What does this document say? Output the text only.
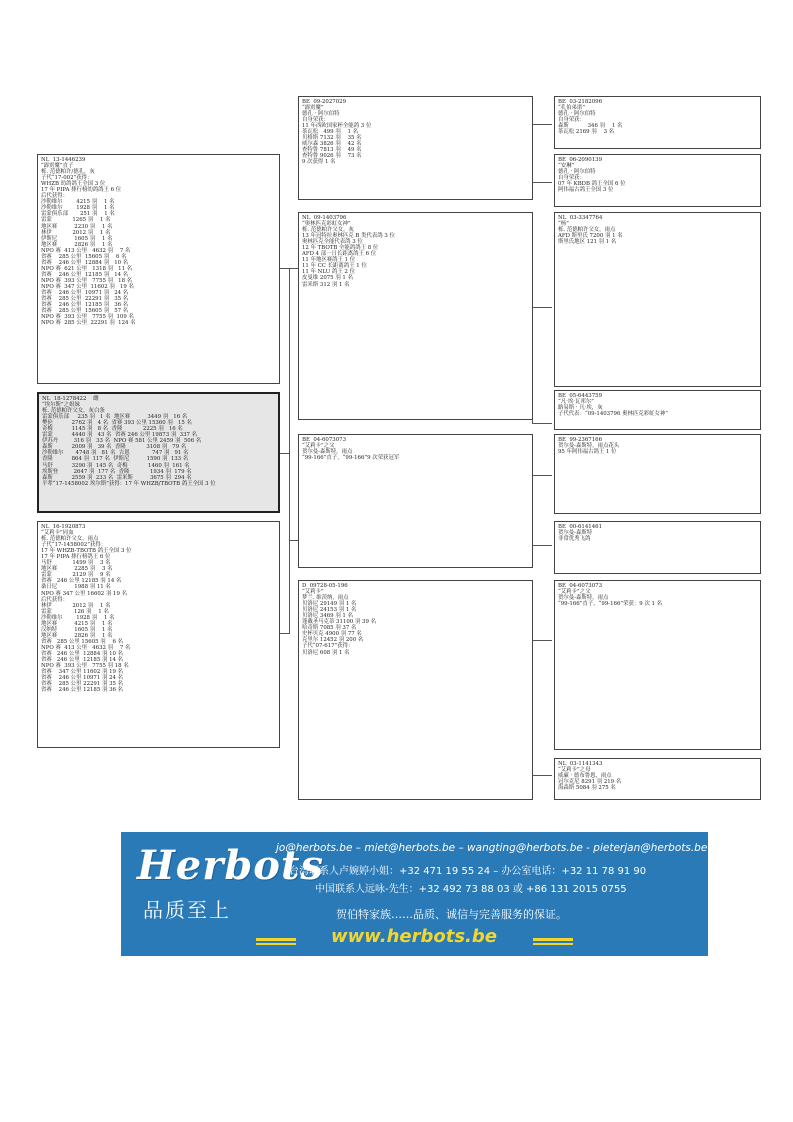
NL  13-1446239
“霹雳魔”直子
栎. 范德帕许/德孔，灰
子代“17-002”获得：
WHZB 幼鸽鸽王全国 3 位
17 年 PIPA 排行榜幼鸽鸽王 6 位
后代获得：
沙勒维尔        4215 羽    1 名
沙勒维尔        1928 羽    1 名
雷蒙俱乐部       251 羽    1 名
雷蒙            1265 羽    1 名
地区赛          2230 羽    1 名
林伊            2012 羽    1 名
伊斯尼          1605 羽    1 名
地区赛          2826 羽    1 名
NPO 赛  413 公里   4632 羽    7 名
省赛    285 公里  15605 羽    6 名
省赛    246 公里  12884 羽   10 名
NPO 赛  621 公里   1318 羽   11 名
省赛    246 公里  12185 羽   14 名
NPO 赛  393 公里   7755 羽   18 名
NPO 赛  347 公里  11602 羽   19 名
省赛    246 公里  10971 羽   24 名
省赛    285 公里  22291 羽   35 名
省赛    246 公里  12185 羽   36 名
省赛    285 公里  15605 羽   57 名
NPO 赛  393 公里   7755 羽  109 名
NPO 赛  285 公里  22291 羽  124 名
NL  18-1278422    雌
“埃尔斯”之姐妹
栎. 范德帕许父女，灰白条
雷蒙俱乐部     235 羽   1 名  地区赛          3449 羽   16 名
樊伦           2762 羽   4 名  省赛 393 公里 15360 羽   15 名
奇梅           1145 羽   8 名  香隆            2225 羽   16 名
雷蒙           4440 羽   43 名  省赛 246 公里 19873 羽  337 名
伊苏丹         316 羽   33 名  NPO 赛 581 公里 2459 羽  506 名
森斯           2009 羽   39 名  香隆            3108 羽   79 名
沙勒维尔       4748 羽   81 名  吉恩             747 羽   91 名
香隆           864 羽  117 名  伊斯尼          1590 羽  133 名
马舒           3290 羽  145 名  奇梅            1460 羽  161 名
埃斯登         2647 羽  177 名  香隆            1934 羽  179 名
森斯           2559 羽  233 名  雷米斯          3675 羽  294 名
平辈“17-1458002 埃尔斯”获得：17 年 WHZB/TBOTB 鸽王全国 3 位
NL  16-1920873
“艾莉卡”同血
栎. 范德帕许父女，雨点
子代“17-1458002”获得：
17 年 WHZB-TBOTB 鸽王全国 3 位
17 年 PIPA 排行榜鸽王 6 位
马舒            1499 羽    3 名
地区赛          2285 羽    3 名
雷蒙            2129 羽    9 名
省赛   246 公里 12185 羽 14 名
桑日尼          1988 羽 11 名
NPO 赛 347 公里 16602 羽 19 名
后代获得：
林伊            2012 羽    1 名
雷蒙             126 羽    1 名
沙勒维尔        1928 羽    1 名
地区赛          4215 羽    1 名
汉纳特          1605 羽    1 名
地区赛          2826 羽    1 名
省赛   285 公里 15605 羽    6 名
NPO 赛  413 公里   4632 羽    7 名
省赛   246 公里  12884 羽 10 名
省赛   246 公里  12185 羽 14 名
NPO 赛  393 公里   7755 羽 18 名
省赛    347 公里 11602 羽 19 名
省赛    246 公里 10971 羽 24 名
省赛    285 公里 22291 羽 35 名
省赛    246 公里 12185 羽 36 名
BE  09-2027029
“霹雳魔”
德孔 · 阿尔伯特
自身荣获：
11 年西欧国家杯全能鸽 3 位
茶瓦松   499 羽    1 名
贝格斯 7132 羽    35 名
威尔森 3826 羽    42 名
查特鲁 7813 羽    49 名
查特鲁 9026 羽    73 名
9 次获得 1 名
NL  09-1403796
“奥林匹克彩虹女神”
栎. 范德帕许父女，灰
13 年冠特拉奥林匹克 B 类代表鸽 3 位
奥林匹克全能代表鸽 3 位
12 年 TBOTB 全能鸽鸽王 8 位
AFD 4 部一日长距离鸽王 6 位
11 年地区赛鸽王 1 位
11 年 CC 长距离鸽王 1 位
11 年 NLU 鸽王 2 位
皮曼维 2075 羽 1 名
雷米斯 312 羽 1 名
BE  04-6073073
“艾莉卡”之父
贺尔曼-森斯特，雨点
“99-166”直子，“99-166”9 次荣获冠军
D  09728-05-196
“艾莉卡”
梦兰. 维茨纳，雨点
贝洛尼 29149 羽 1 名
贝洛尼 24153 羽 1 名
贝洛尼 3469 羽 1 名
蓬戴圣马克蒂 31100 羽 39 名
哈奇斯 7085 羽 37 名
史杯贝克 4900 羽 77 名
克里尔 12452 羽 200 名
子代“07-617”获得：
贝洛尼 608 羽 1 名
BE  03-2182096
“孔伯弟诺”
德孔 · 阿尔伯特
自身荣获：
森斯           346 羽    1 名
茶瓦松 2169 羽    3 名
BE  06-2090139
“安琳”
德孔 · 阿尔伯特
自身荣获：
07 年 KBDB 鸽王全国 6 位
阿伟福古鸽王全国 3 位
NL  03-3347764
“杨”
栎. 范德帕许父女，雨点
AFD 斯里氏 7200 羽 1 名
斯里氏地区 121 羽 1 名
BE  05-6443759
“凡·埃·瓦邦尔”
路易斯 · 凡·埃，灰
子代代表：“09-1403796 奥林匹克彩虹女神”
BE  99-2367166
贺尔曼-森斯特，雨点花头
95 年阿伟福古鸽王 1 位
BE  00-6141461
贺尔曼-森斯特
非常优秀飞鸽
BE  04-6073073
“艾莉卡”之父
贺尔曼-森斯特，雨点
“99-166”直子，“99-166”荣获：9 次 1 名
NL  03-1141343
“艾莉卡”之母
威廉 · 德布鲁恩，雨点
冠尔克尼 8291 羽 219 名
海森斯 5084 羽 275 名
Herbots
品质至上
jo@herbots.be – miet@herbots.be – wangting@herbots.be - pieterjan@herbots.be
台湾联系人卢婉婷小姐：+32 471 19 55 24 – 办公室电话：+32 11 78 91 90
中国联系人远咏-先生：+32 492 73 88 03 或 +86 131 2015 0755
贺伯特家族……品质、诚信与完善服务的保证。
www.herbots.be
